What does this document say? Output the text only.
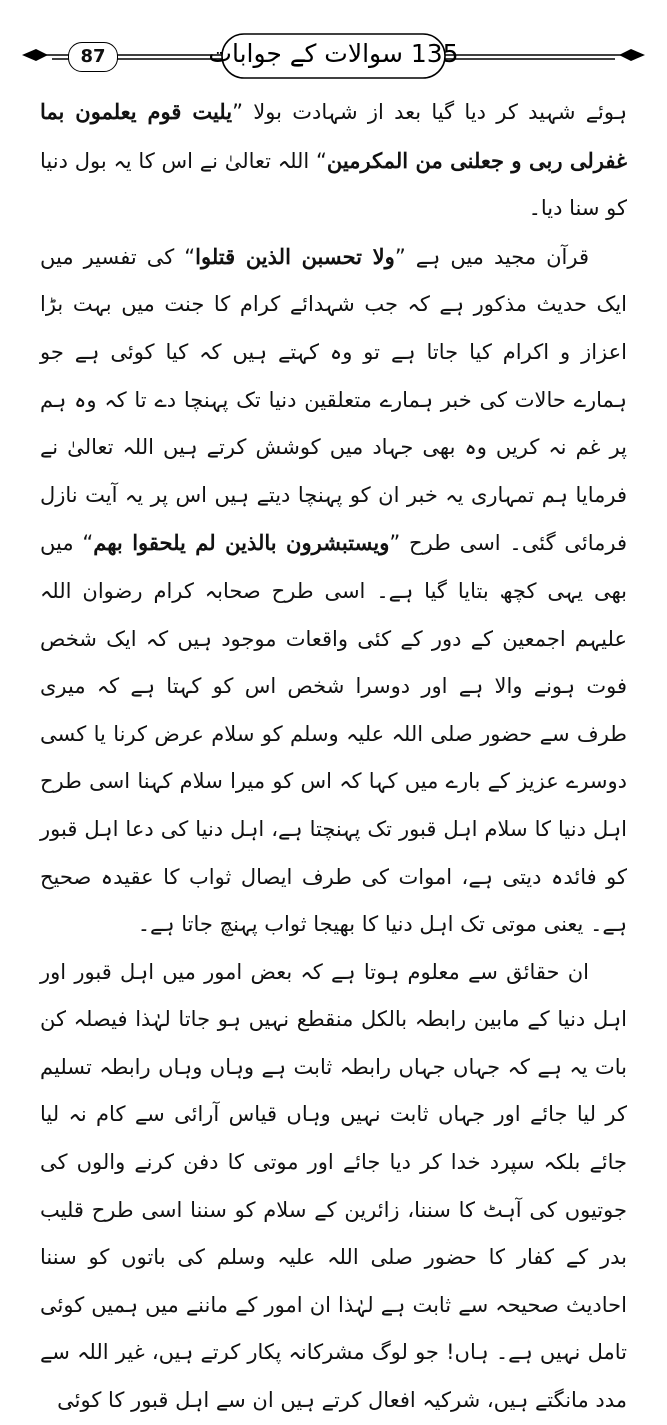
135 سوالات کے جوابات
87

ہوئے شہید کر دیا گیا بعد از شہادت بولا ”یلیت قوم یعلمون بما غفرلی ربی و جعلنی من المکرمین“ اللہ تعالیٰ نے اس کا یہ بول دنیا کو سنا دیا۔

قرآن مجید میں ہے ”ولا تحسبن الذین قتلوا“ کی تفسیر میں ایک حدیث مذکور ہے کہ جب شہدائے کرام کا جنت میں بہت بڑا اعزاز و اکرام کیا جاتا ہے تو وہ کہتے ہیں کہ کیا کوئی ہے جو ہمارے حالات کی خبر ہمارے متعلقین دنیا تک پہنچا دے تا کہ وہ ہم پر غم نہ کریں وہ بھی جہاد میں کوشش کرتے ہیں اللہ تعالیٰ نے فرمایا ہم تمہاری یہ خبر ان کو پہنچا دیتے ہیں اس پر یہ آیت نازل فرمائی گئی۔ اسی طرح ”ویستبشرون بالذین لم یلحقوا بھم“ میں بھی یہی کچھ بتایا گیا ہے۔ اسی طرح صحابہ کرام رضوان اللہ علیہم اجمعین کے دور کے کئی واقعات موجود ہیں کہ ایک شخص فوت ہونے والا ہے اور دوسرا شخص اس کو کہتا ہے کہ میری طرف سے حضور صلی اللہ علیہ وسلم کو سلام عرض کرنا یا کسی دوسرے عزیز کے بارے میں کہا کہ اس کو میرا سلام کہنا اسی طرح اہل دنیا کا سلام اہل قبور تک پہنچتا ہے، اہل دنیا کی دعا اہل قبور کو فائدہ دیتی ہے، اموات کی طرف ایصال ثواب کا عقیدہ صحیح ہے۔ یعنی موتی تک اہل دنیا کا بھیجا ثواب پہنچ جاتا ہے۔

ان حقائق سے معلوم ہوتا ہے کہ بعض امور میں اہل قبور اور اہل دنیا کے مابین رابطہ بالکل منقطع نہیں ہو جاتا لہٰذا فیصلہ کن بات یہ ہے کہ جہاں جہاں رابطہ ثابت ہے وہاں وہاں رابطہ تسلیم کر لیا جائے اور جہاں ثابت نہیں وہاں قیاس آرائی سے کام نہ لیا جائے بلکہ سپرد خدا کر دیا جائے اور موتی کا دفن کرنے والوں کی جوتیوں کی آہٹ کا سننا، زائرین کے سلام کو سننا اسی طرح قلیب بدر کے کفار کا حضور صلی اللہ علیہ وسلم کی باتوں کو سننا احادیث صحیحہ سے ثابت ہے لہٰذا ان امور کے ماننے میں ہمیں کوئی تامل نہیں ہے۔ ہاں! جو لوگ مشرکانہ پکار کرتے ہیں، غیر اللہ سے مدد مانگتے ہیں، شرکیہ افعال کرتے ہیں ان سے اہل قبور کا کوئی
